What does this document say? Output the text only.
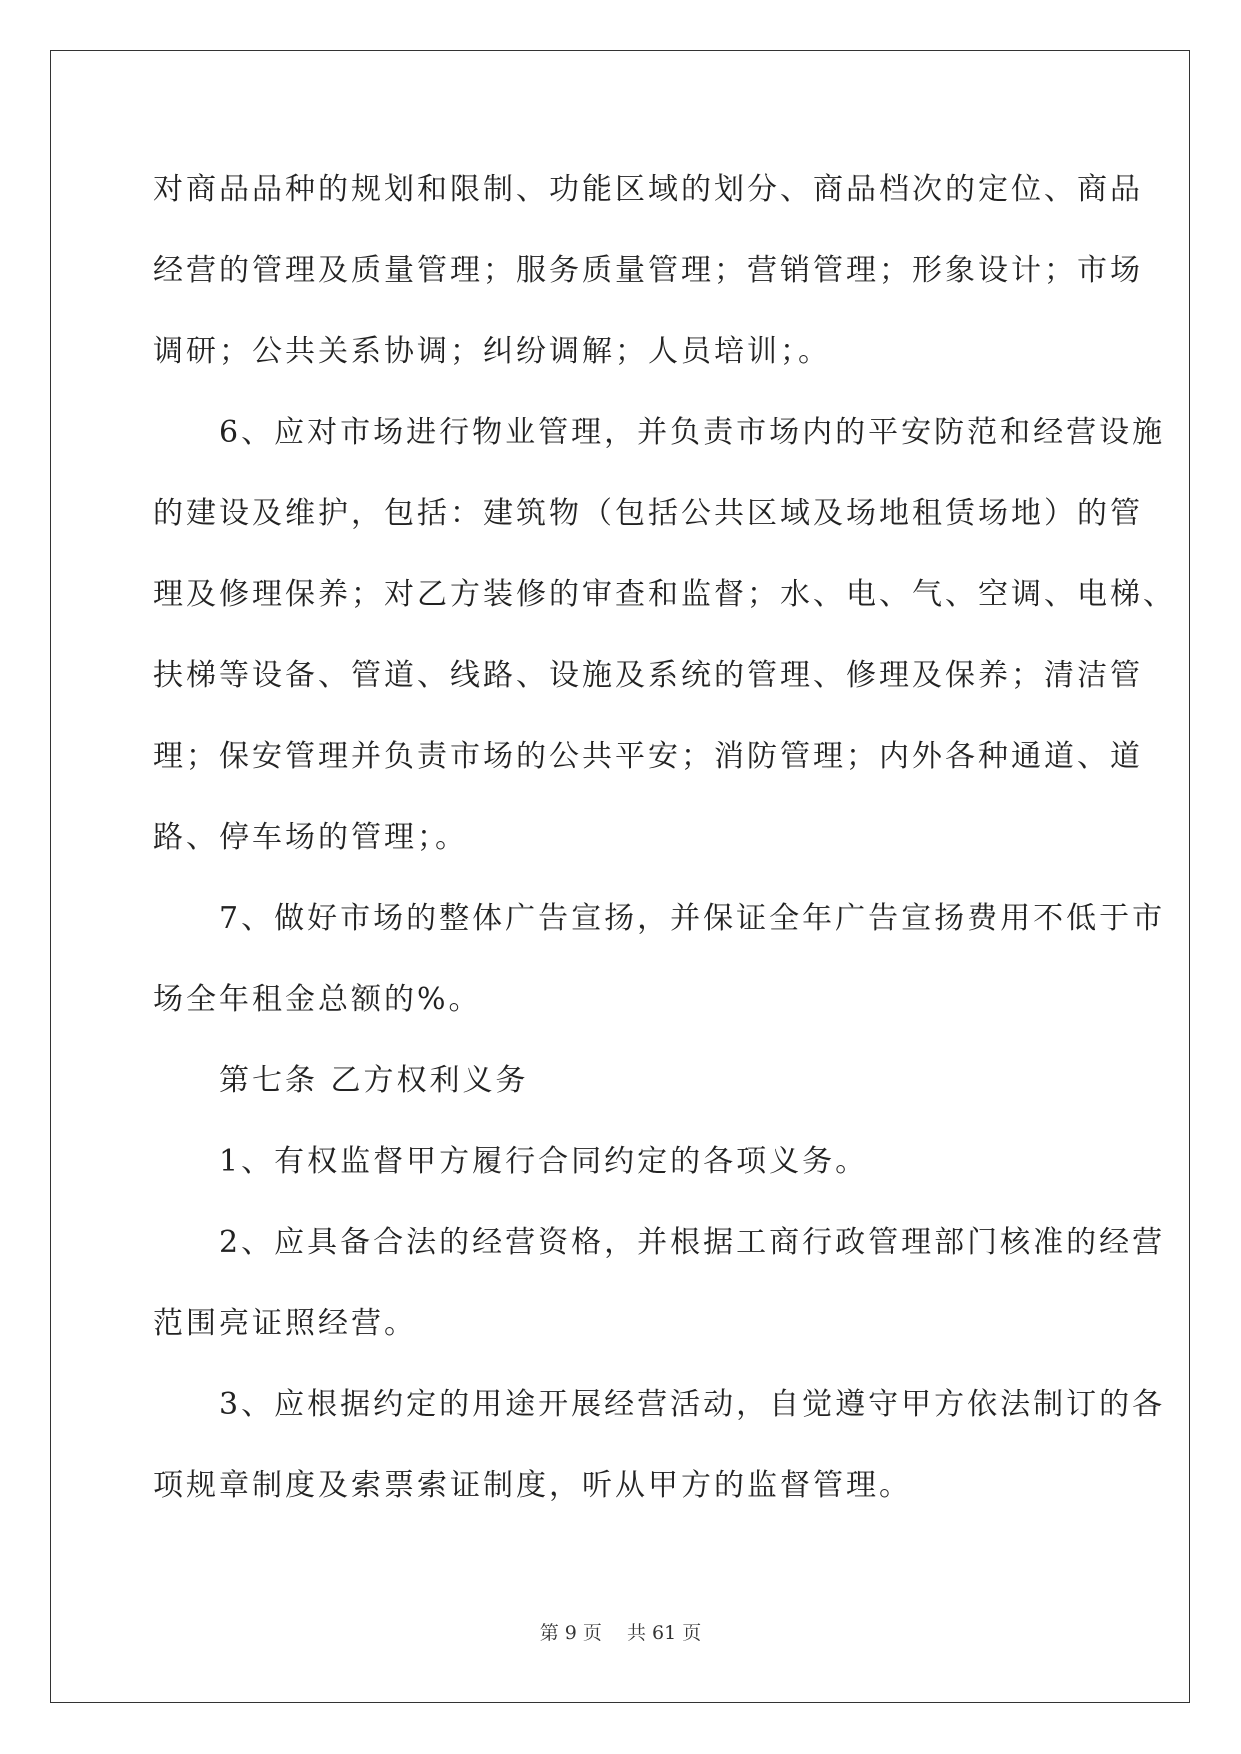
对商品品种的规划和限制、功能区域的划分、商品档次的定位、商品
经营的管理及质量管理；服务质量管理；营销管理；形象设计；市场
调研；公共关系协调；纠纷调解；人员培训；。
　　6、应对市场进行物业管理，并负责市场内的平安防范和经营设施
的建设及维护，包括：建筑物（包括公共区域及场地租赁场地）的管
理及修理保养；对乙方装修的审查和监督；水、电、气、空调、电梯、
扶梯等设备、管道、线路、设施及系统的管理、修理及保养；清洁管
理；保安管理并负责市场的公共平安；消防管理；内外各种通道、道
路、停车场的管理；。
　　7、做好市场的整体广告宣扬，并保证全年广告宣扬费用不低于市
场全年租金总额的%。
　　第七条 乙方权利义务
　　1、有权监督甲方履行合同约定的各项义务。
　　2、应具备合法的经营资格，并根据工商行政管理部门核准的经营
范围亮证照经营。
　　3、应根据约定的用途开展经营活动，自觉遵守甲方依法制订的各
项规章制度及索票索证制度，听从甲方的监督管理。
第 9 页　 共 61 页
